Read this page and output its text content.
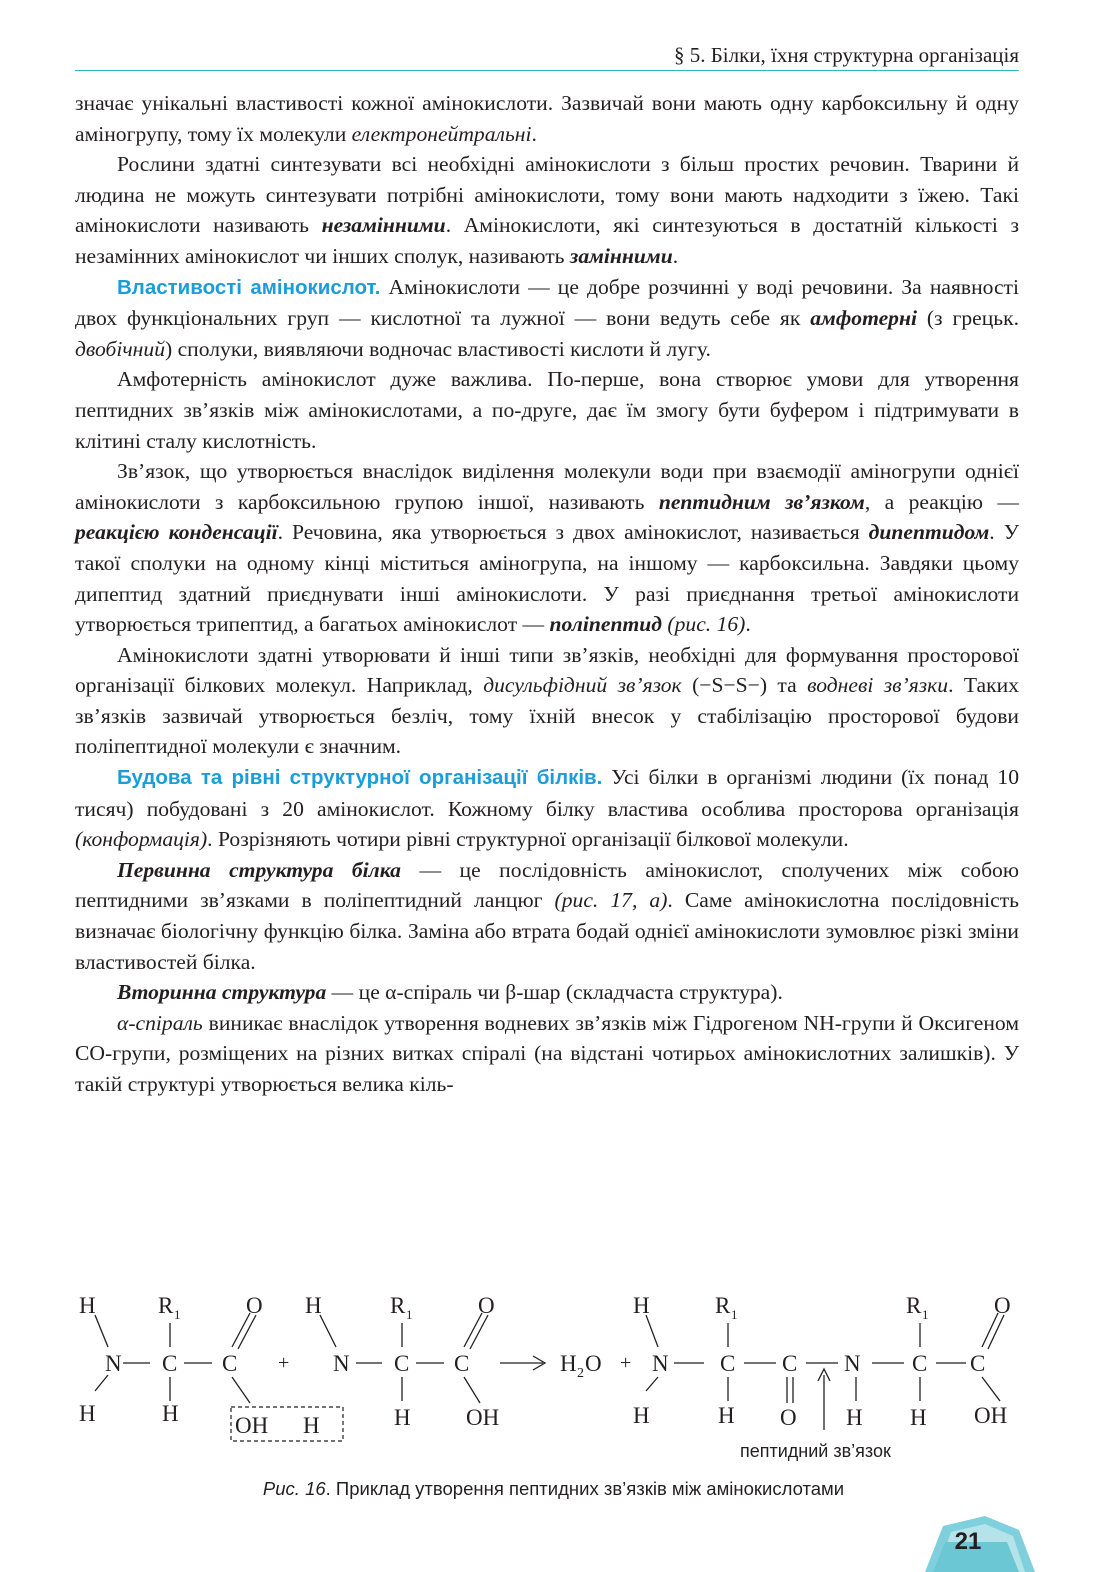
§ 5. Білки, їхня структурна організація

значає унікальні властивості кожної амінокислоти. Зазвичай вони мають одну карбоксильну й одну аміногрупу, тому їх молекули електронейтральні.

Рослини здатні синтезувати всі необхідні амінокислоти з більш простих речовин. Тварини й людина не можуть синтезувати потрібні амінокислоти, тому вони мають надходити з їжею. Такі амінокислоти називають незамінними. Амінокислоти, які синтезуються в достатній кількості з незамінних амінокислот чи інших сполук, називають замінними.

Властивості амінокислот. Амінокислоти — це добре розчинні у воді речовини. За наявності двох функціональних груп — кислотної та лужної — вони ведуть себе як амфотерні (з грецьк. двобічний) сполуки, виявляючи водночас властивості кислоти й лугу.

Амфотерність амінокислот дуже важлива. По-перше, вона створює умови для утворення пептидних зв’язків між амінокислотами, а по-друге, дає їм змогу бути буфером і підтримувати в клітині сталу кислотність.

Зв’язок, що утворюється внаслідок виділення молекули води при взаємодії аміногрупи однієї амінокислоти з карбоксильною групою іншої, називають пептидним зв’язком, а реакцію — реакцією конденсації. Речовина, яка утворюється з двох амінокислот, називається дипептидом. У такої сполуки на одному кінці міститься аміногрупа, на іншому — карбоксильна. Завдяки цьому дипептид здатний приєднувати інші амінокислоти. У разі приєднання третьої амінокислоти утворюється трипептид, а багатьох амінокислот — поліпептид (рис. 16).

Амінокислоти здатні утворювати й інші типи зв’язків, необхідні для формування просторової організації білкових молекул. Наприклад, дисульфідний зв’язок (−S−S−) та водневі зв’язки. Таких зв’язків зазвичай утворюється безліч, тому їхній внесок у стабілізацію просторової будови поліпептидної молекули є значним.

Будова та рівні структурної організації білків. Усі білки в організмі людини (їх понад 10 тисяч) побудовані з 20 амінокислот. Кожному білку властива особлива просторова організація (конформація). Розрізняють чотири рівні структурної організації білкової молекули.

Первинна структура білка — це послідовність амінокислот, сполучених між собою пептидними зв’язками в поліпептидний ланцюг (рис. 17, а). Саме амінокислотна послідовність визначає біологічну функцію білка. Заміна або втрата бодай однієї амінокислоти зумовлює різкі зміни властивостей білка.

Вторинна структура — це α-спіраль чи β-шар (складчаста структура).

α-спіраль виникає внаслідок утворення водневих зв’язків між Гідрогеном NH-групи й Оксигеном CO-групи, розміщених на різних витках спіралі (на відстані чотирьох амінокислотних залишків). У такій структурі утворюється велика кіль-

H
N
H
R 1
C
H
C
O
OH
+
H
N
H
R 1
C
H
C
O
OH
H 2 O +
H
N
H
R 1
C
H
C
O
N
H
R 1
C
H
C
O
OH
пептидний зв’язок
Рис. 16. Приклад утворення пептидних зв’язків між амінокислотами
21
